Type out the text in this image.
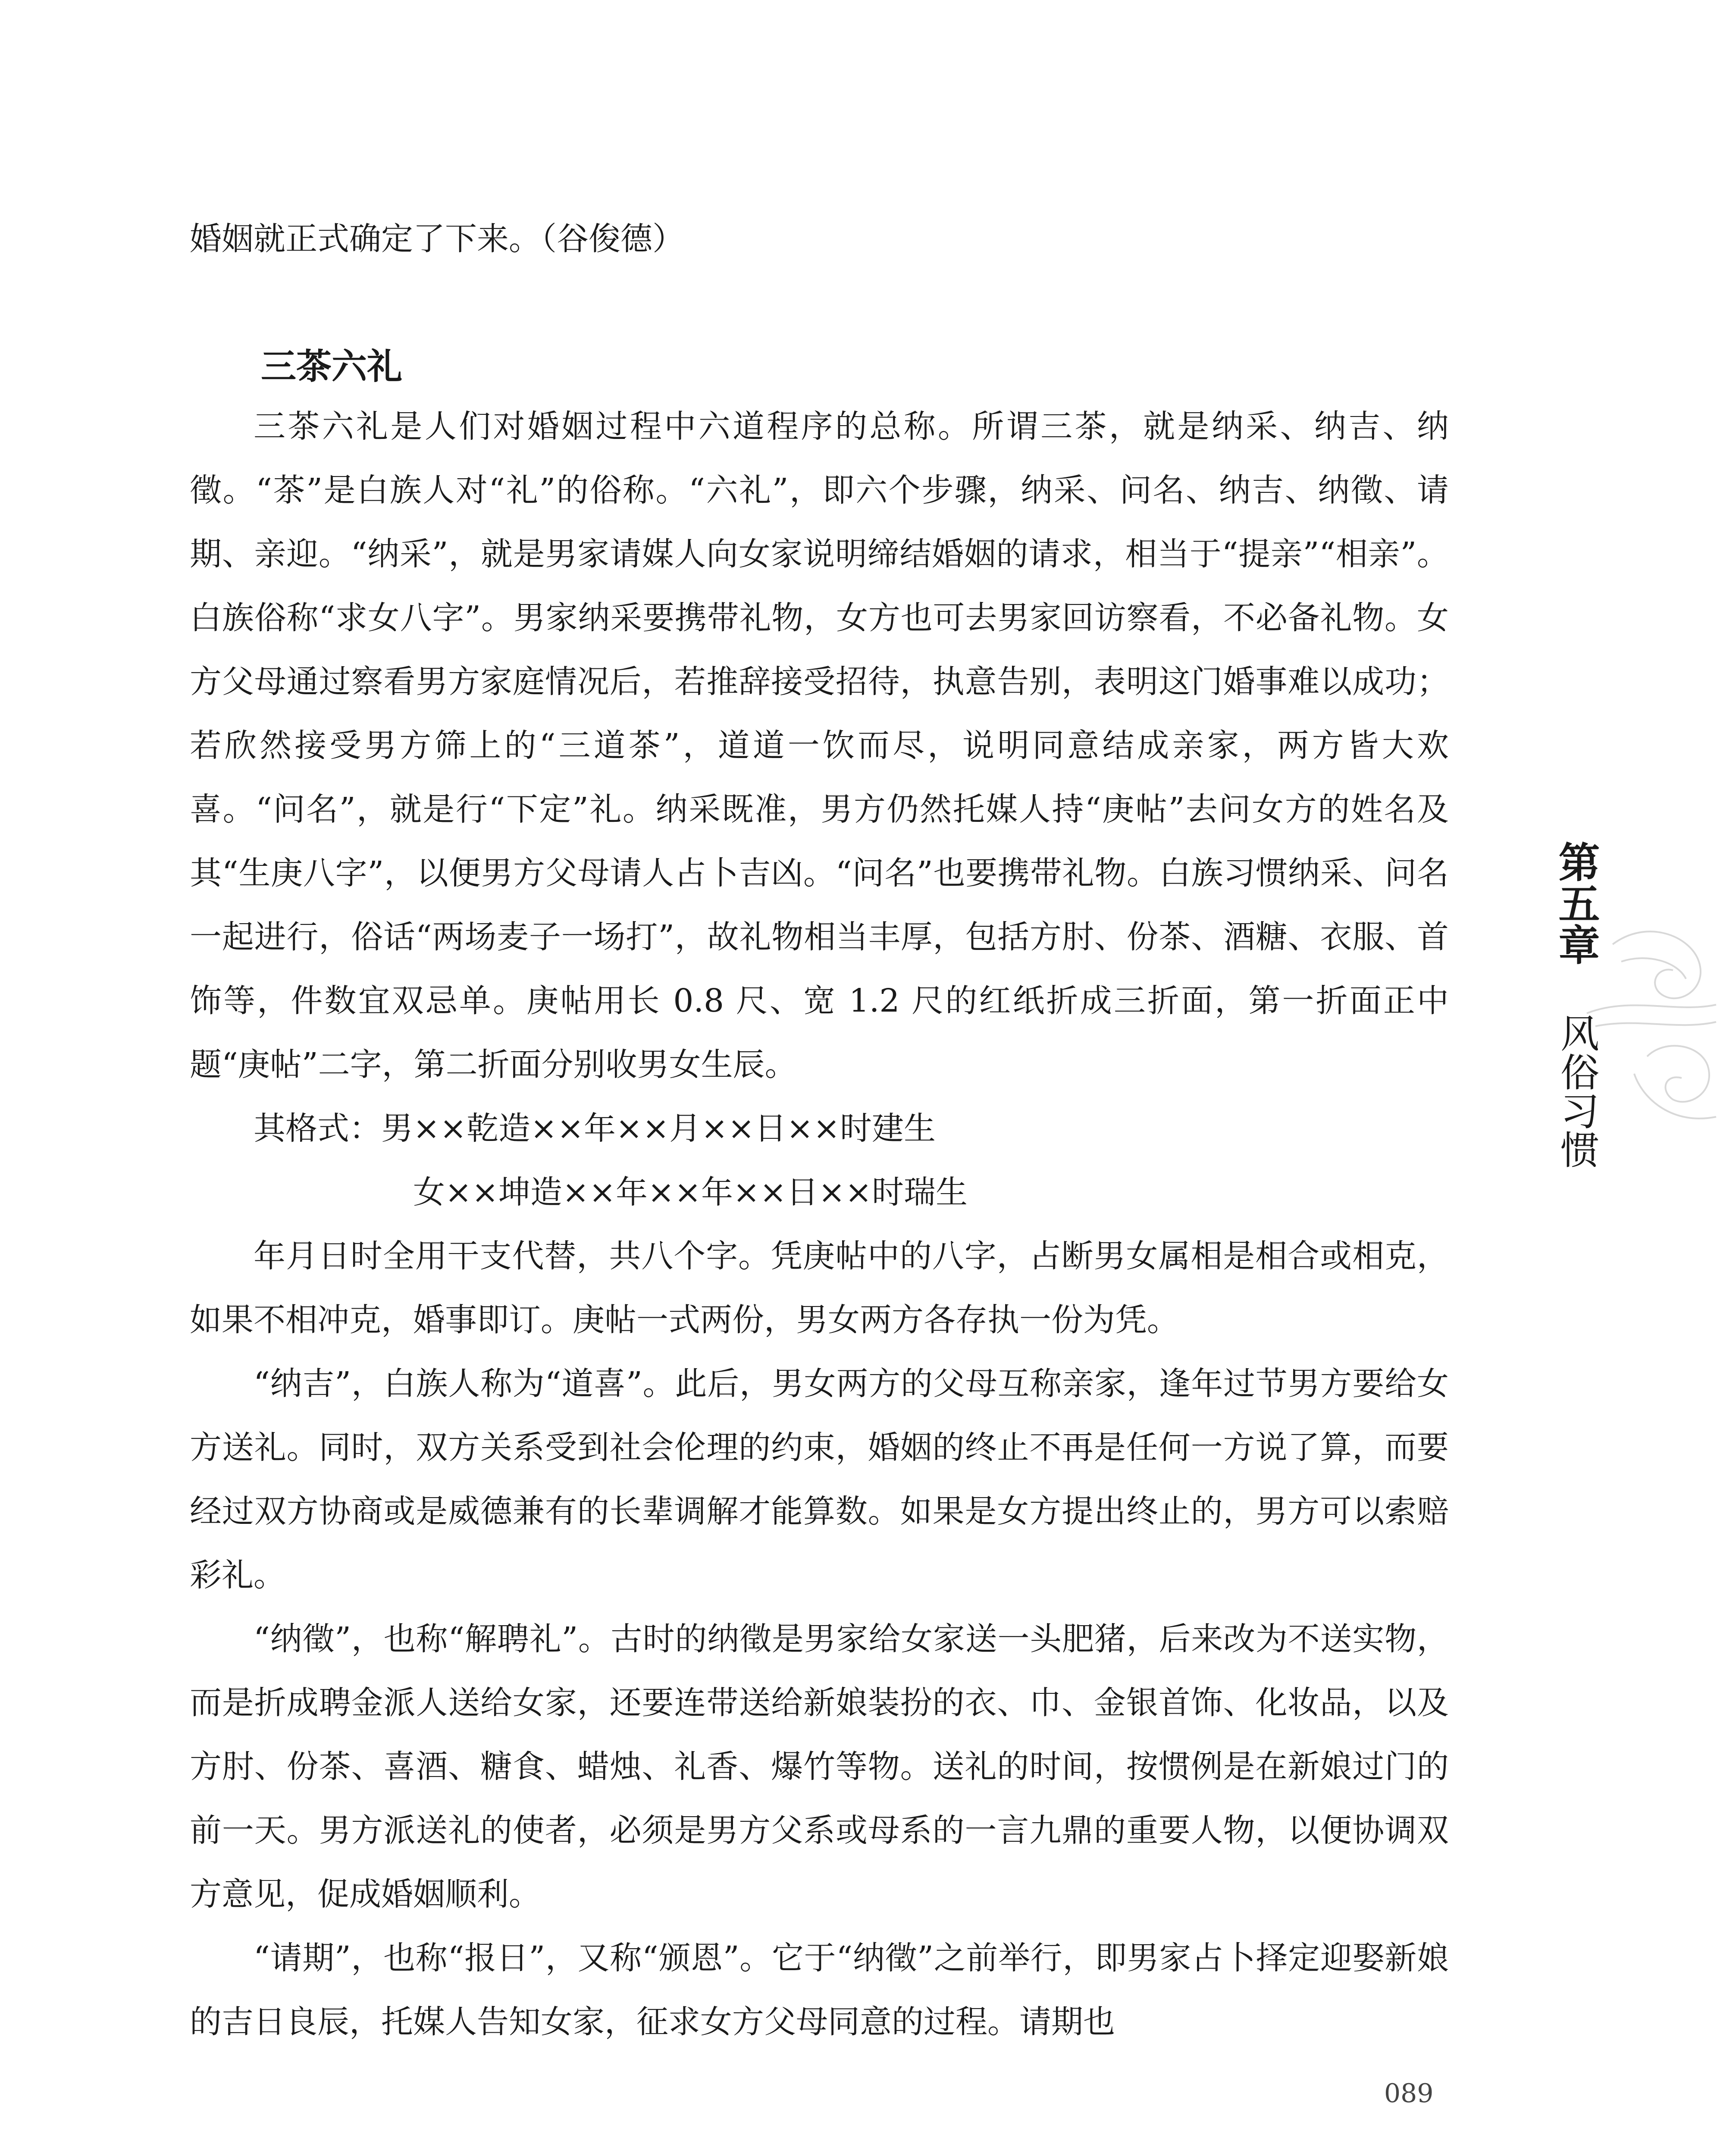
婚姻就正式确定了下来。（谷俊德）

三茶六礼

三茶六礼是人们对婚姻过程中六道程序的总称。所谓三茶，就是纳采、纳吉、纳徵。“茶”是白族人对“礼”的俗称。“六礼”，即六个步骤，纳采、问名、纳吉、纳徵、请期、亲迎。“纳采”，就是男家请媒人向女家说明缔结婚姻的请求，相当于“提亲”“相亲”。白族俗称“求女八字”。男家纳采要携带礼物，女方也可去男家回访察看，不必备礼物。女方父母通过察看男方家庭情况后，若推辞接受招待，执意告别，表明这门婚事难以成功；若欣然接受男方筛上的“三道茶”，道道一饮而尽，说明同意结成亲家，两方皆大欢喜。“问名”，就是行“下定”礼。纳采既准，男方仍然托媒人持“庚帖”去问女方的姓名及其“生庚八字”，以便男方父母请人占卜吉凶。“问名”也要携带礼物。白族习惯纳采、问名一起进行，俗话“两场麦子一场打”，故礼物相当丰厚，包括方肘、份茶、酒糖、衣服、首饰等，件数宜双忌单。庚帖用长 0.8 尺、宽 1.2 尺的红纸折成三折面，第一折面正中题“庚帖”二字，第二折面分别收男女生辰。

其格式：男××乾造××年××月××日××时建生

女××坤造××年××年××日××时瑞生

年月日时全用干支代替，共八个字。凭庚帖中的八字，占断男女属相是相合或相克，如果不相冲克，婚事即订。庚帖一式两份，男女两方各存执一份为凭。

“纳吉”，白族人称为“道喜”。此后，男女两方的父母互称亲家，逢年过节男方要给女方送礼。同时，双方关系受到社会伦理的约束，婚姻的终止不再是任何一方说了算，而要经过双方协商或是威德兼有的长辈调解才能算数。如果是女方提出终止的，男方可以索赔彩礼。

“纳徵”，也称“解聘礼”。古时的纳徵是男家给女家送一头肥猪，后来改为不送实物，而是折成聘金派人送给女家，还要连带送给新娘装扮的衣、巾、金银首饰、化妆品，以及方肘、份茶、喜酒、糖食、蜡烛、礼香、爆竹等物。送礼的时间，按惯例是在新娘过门的前一天。男方派送礼的使者，必须是男方父系或母系的一言九鼎的重要人物，以便协调双方意见，促成婚姻顺利。

“请期”，也称“报日”，又称“颁恩”。它于“纳徵”之前举行，即男家占卜择定迎娶新娘的吉日良辰，托媒人告知女家，征求女方父母同意的过程。请期也

第五章
风俗习惯

089
